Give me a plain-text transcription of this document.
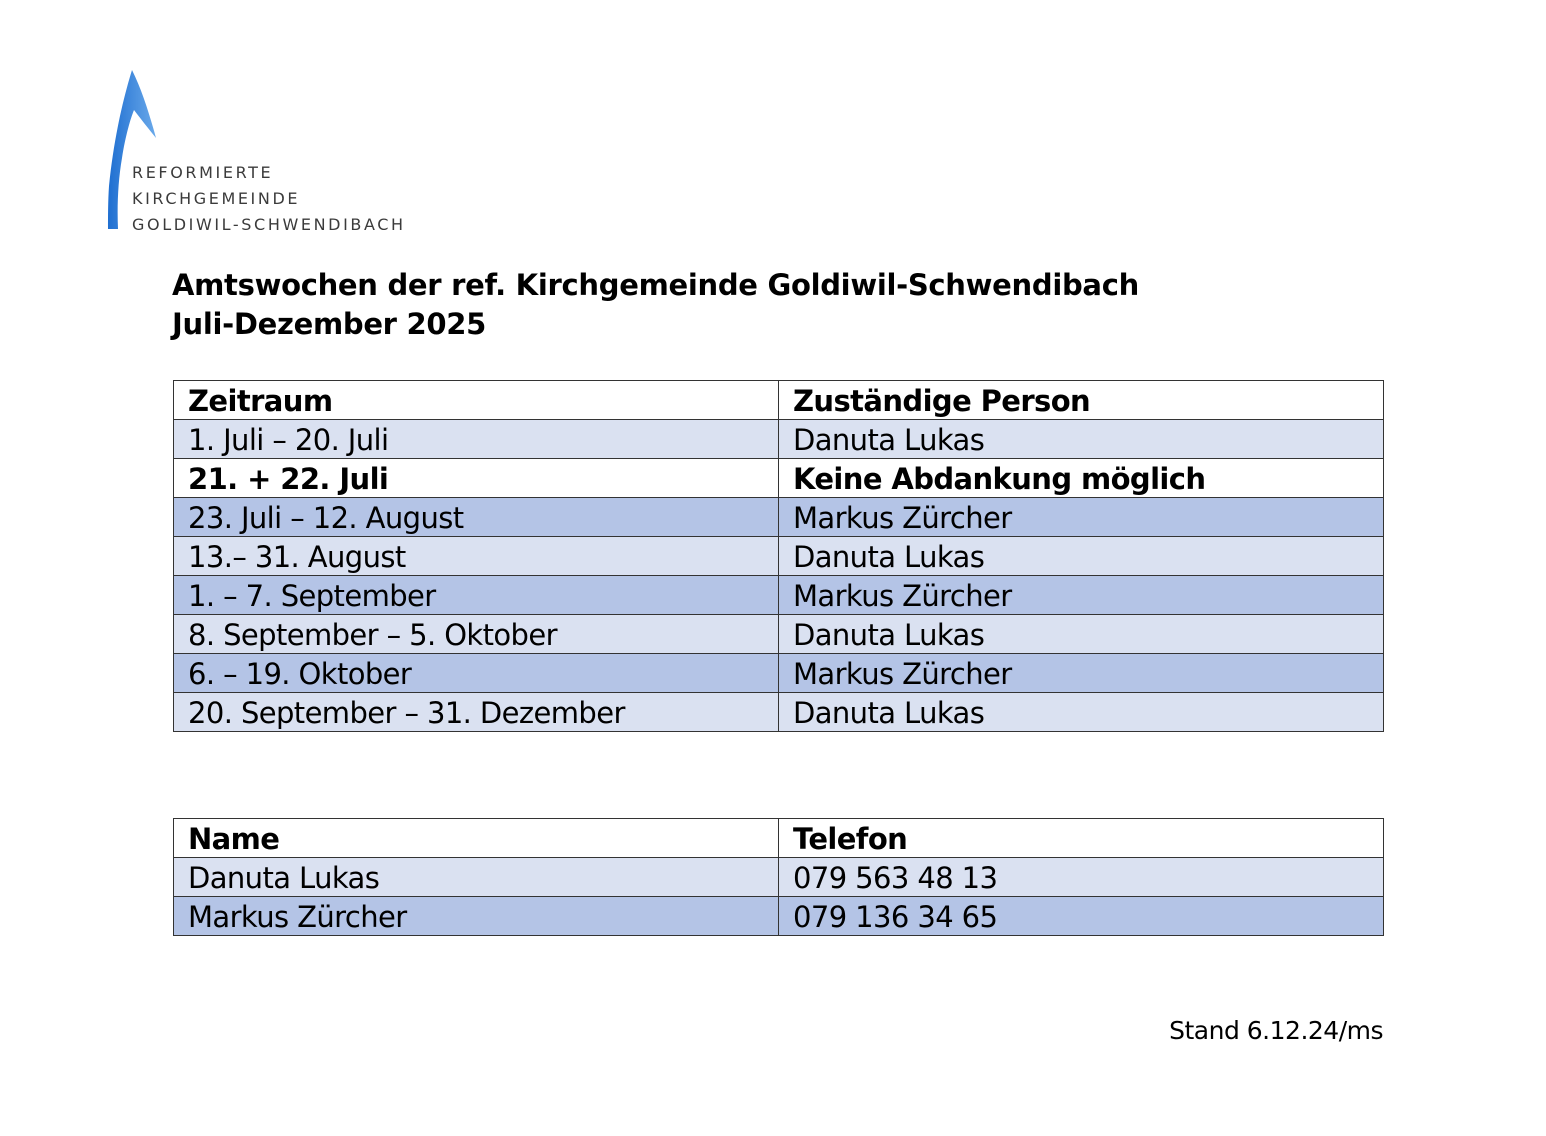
REFORMIERTE
KIRCHGEMEINDE
GOLDIWIL-SCHWENDIBACH
Amtswochen der ref. Kirchgemeinde Goldiwil-Schwendibach
Juli-Dezember 2025
Zeitraum	Zuständige Person
1. Juli – 20. Juli	Danuta Lukas
21. + 22. Juli	Keine Abdankung möglich
23. Juli – 12. August	Markus Zürcher
13.– 31. August	Danuta Lukas
1. – 7. September	Markus Zürcher
8. September – 5. Oktober	Danuta Lukas
6. – 19. Oktober	Markus Zürcher
20. September – 31. Dezember	Danuta Lukas
Name	Telefon
Danuta Lukas	079 563 48 13
Markus Zürcher	079 136 34 65
Stand 6.12.24/ms
